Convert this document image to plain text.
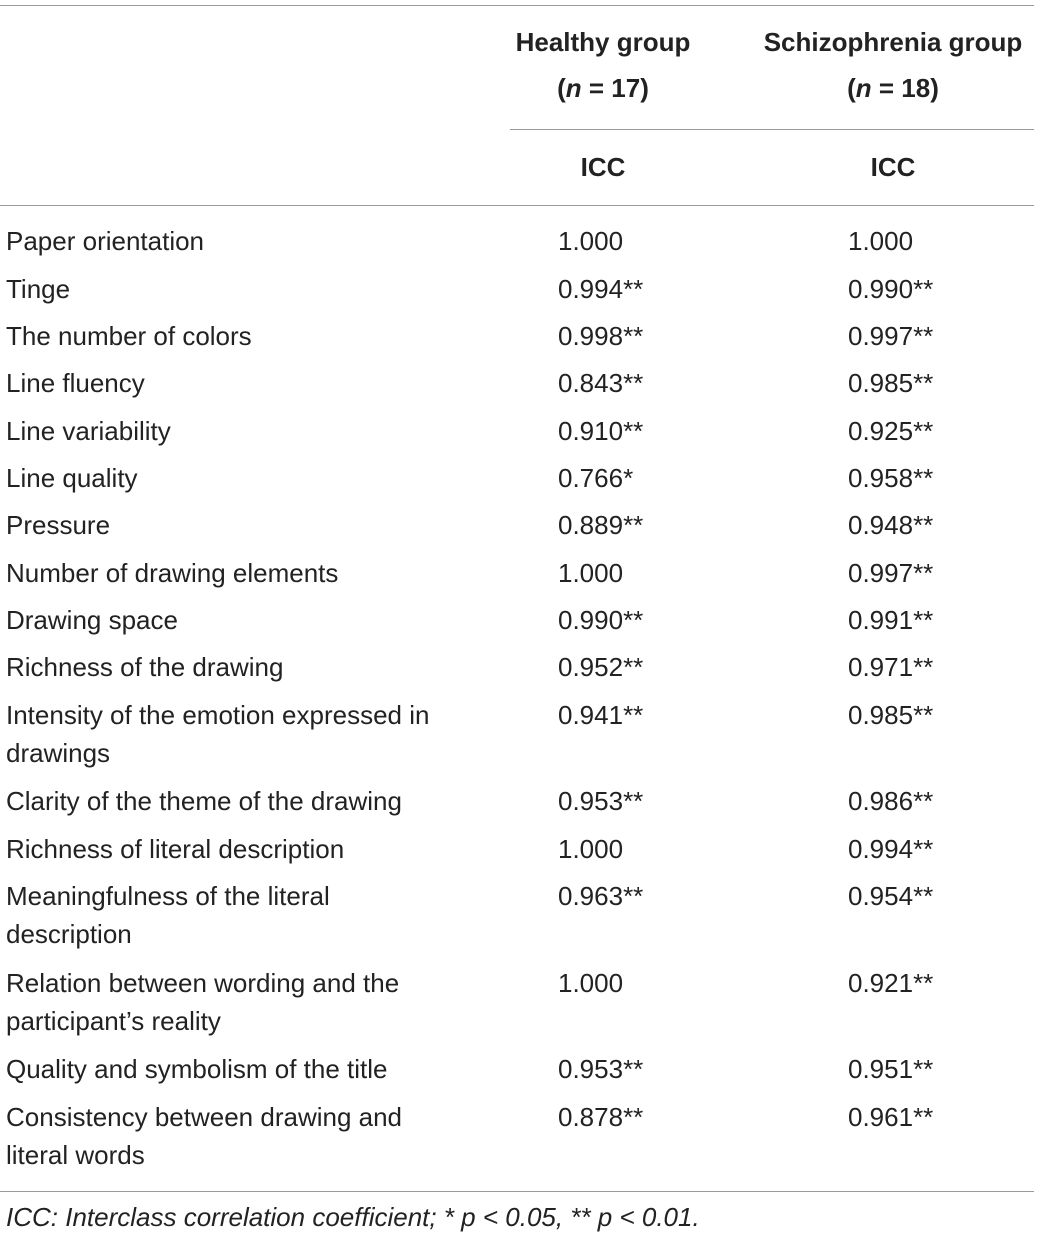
Healthy group
(n = 17)
Schizophrenia group
(n = 18)
ICC	ICC
Paper orientation	1.000	1.000
Tinge	0.994**	0.990**
The number of colors	0.998**	0.997**
Line fluency	0.843**	0.985**
Line variability	0.910**	0.925**
Line quality	0.766*	0.958**
Pressure	0.889**	0.948**
Number of drawing elements	1.000	0.997**
Drawing space	0.990**	0.991**
Richness of the drawing	0.952**	0.971**
Intensity of the emotion expressed in drawings
0.941**	0.985**
Clarity of the theme of the drawing	0.953**	0.986**
Richness of literal description	1.000	0.994**
Meaningfulness of the literal description
0.963**	0.954**
Relation between wording and the participant’s reality
1.000	0.921**
Quality and symbolism of the title	0.953**	0.951**
Consistency between drawing and literal words
0.878**	0.961**
ICC: Interclass correlation coefficient; * p < 0.05, ** p < 0.01.
